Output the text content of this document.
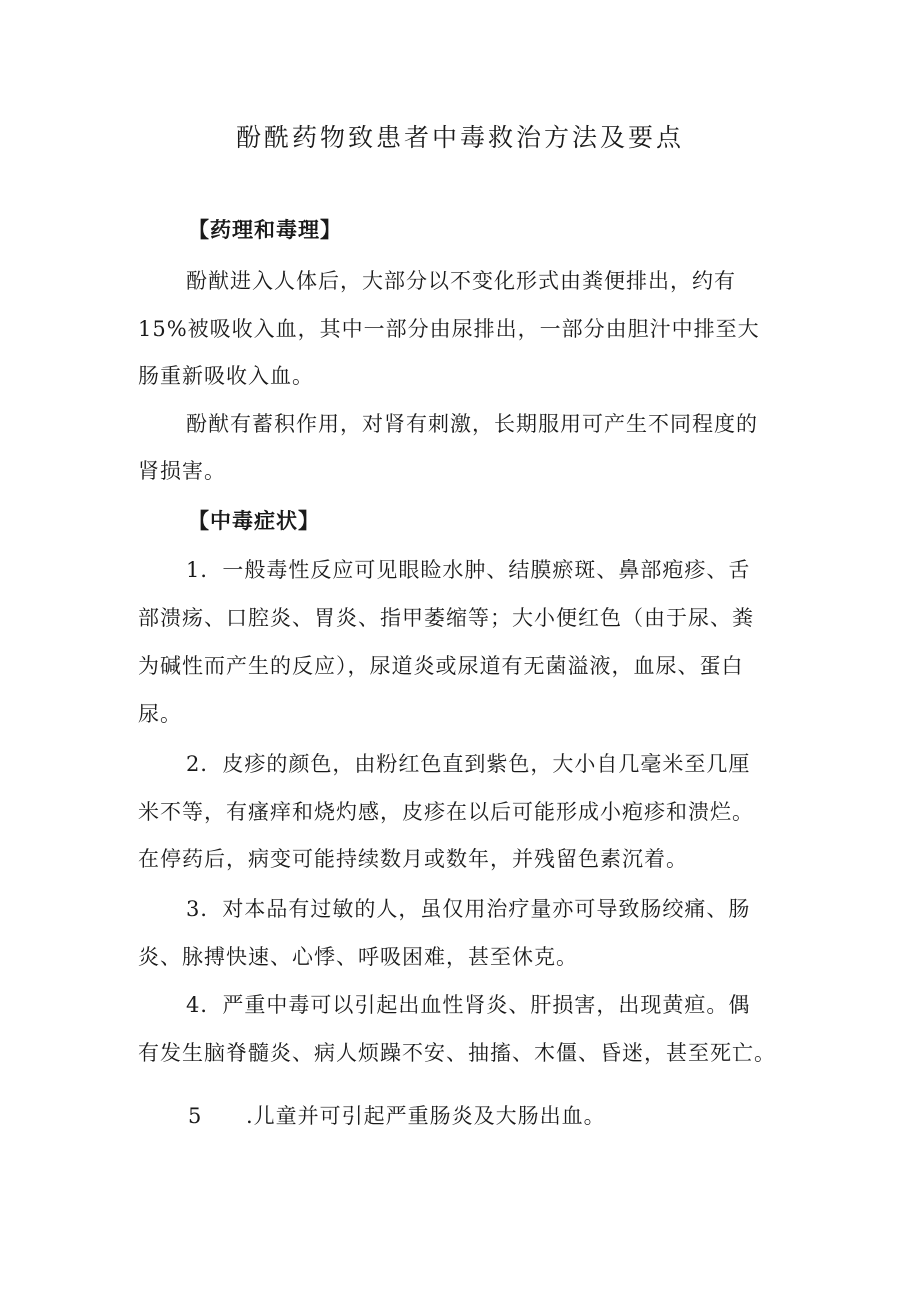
酚酰药物致患者中毒救治方法及要点
【药理和毒理】
酚猷进入人体后，大部分以不变化形式由粪便排出，约有
15%被吸收入血，其中一部分由尿排出，一部分由胆汁中排至大
肠重新吸收入血。
酚猷有蓄积作用，对肾有刺激，长期服用可产生不同程度的
肾损害。
【中毒症状】
1．一般毒性反应可见眼睑水肿、结膜瘀斑、鼻部疱疹、舌
部溃疡、口腔炎、胃炎、指甲萎缩等；大小便红色（由于尿、粪
为碱性而产生的反应），尿道炎或尿道有无菌溢液，血尿、蛋白
尿。
2．皮疹的颜色，由粉红色直到紫色，大小自几毫米至几厘
米不等，有瘙痒和烧灼感，皮疹在以后可能形成小疱疹和溃烂。
在停药后，病变可能持续数月或数年，并残留色素沉着。
3．对本品有过敏的人，虽仅用治疗量亦可导致肠绞痛、肠
炎、脉搏快速、心悸、呼吸困难，甚至休克。
4．严重中毒可以引起出血性肾炎、肝损害，出现黄疸。偶
有发生脑脊髓炎、病人烦躁不安、抽搐、木僵、昏迷，甚至死亡。
5 .儿童并可引起严重肠炎及大肠出血。
